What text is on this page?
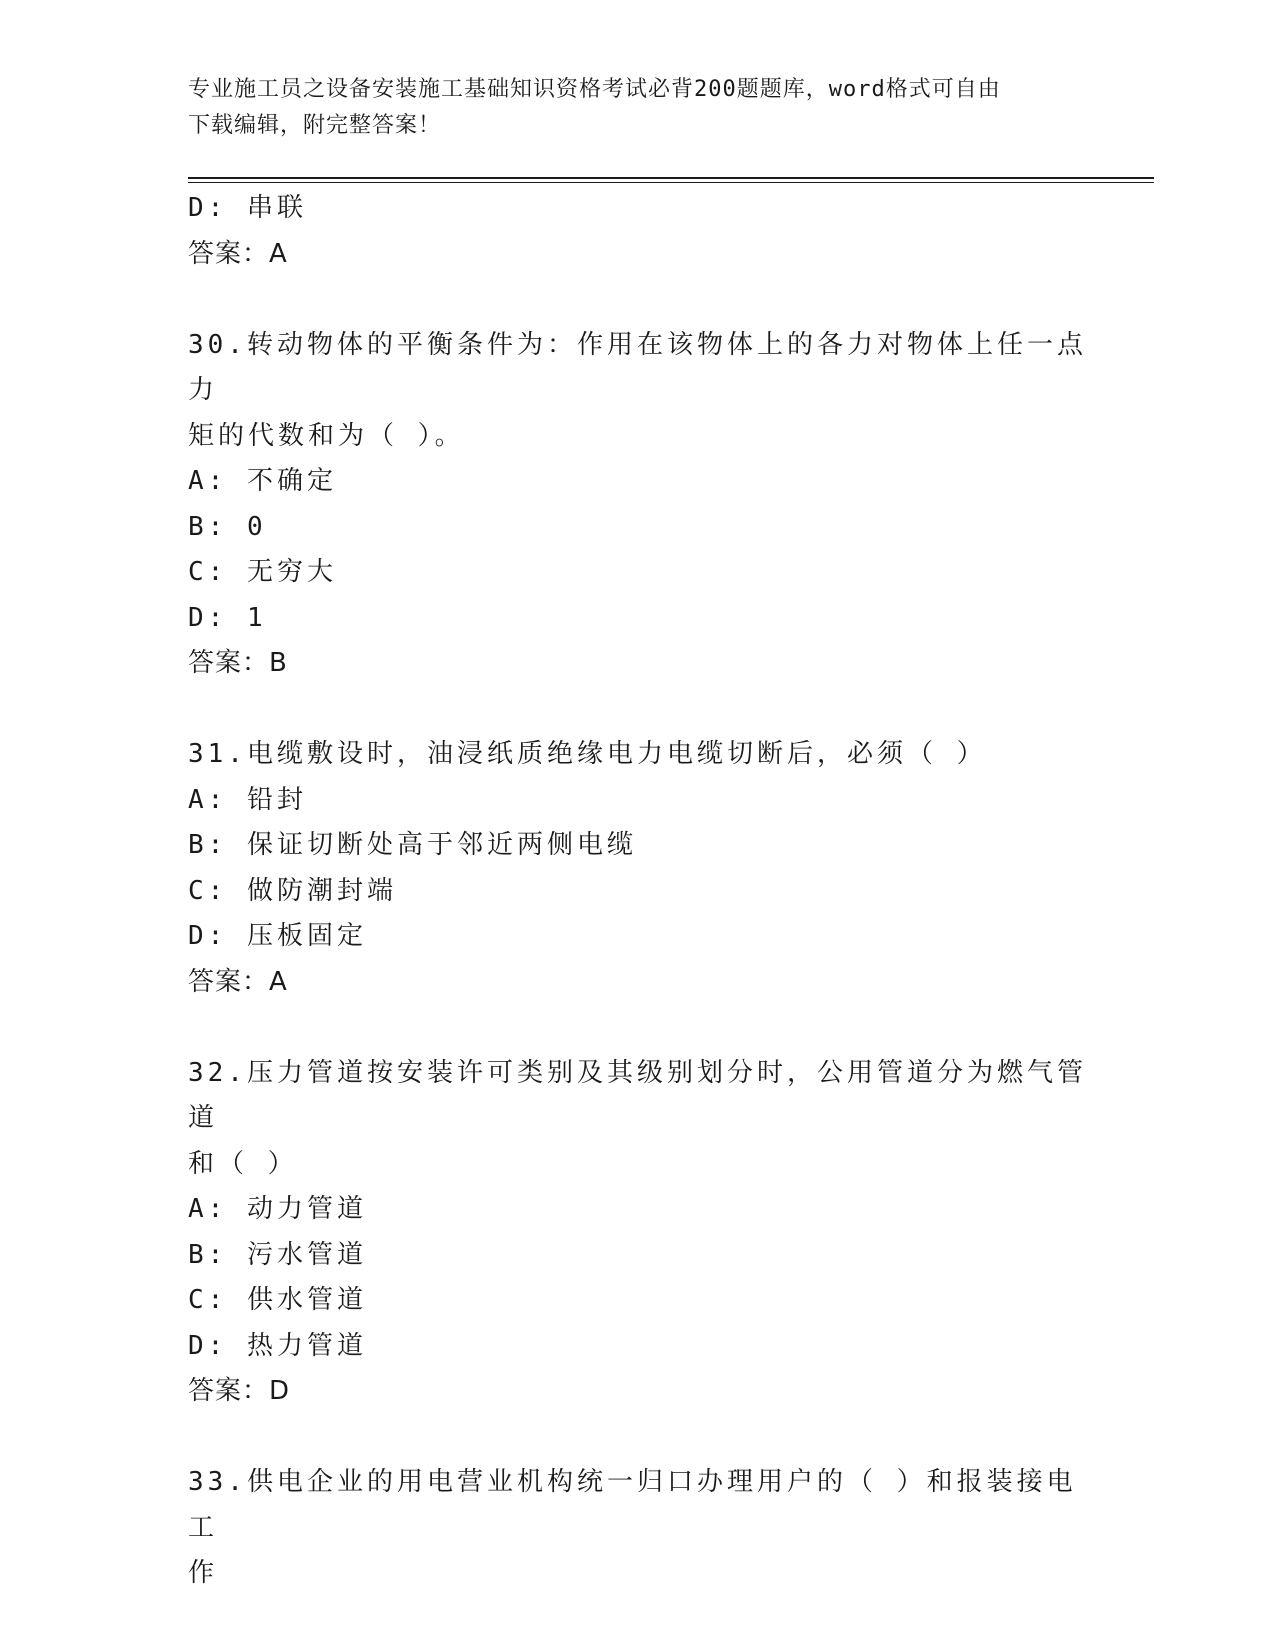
专业施工员之设备安装施工基础知识资格考试必背200题题库，word格式可自由
下载编辑，附完整答案！
D: 串联
答案：A
30.转动物体的平衡条件为：作用在该物体上的各力对物体上任一点力
矩的代数和为（ ）。
A: 不确定
B: 0
C: 无穷大
D: 1
答案：B
31.电缆敷设时，油浸纸质绝缘电力电缆切断后，必须（ ）
A: 铅封
B: 保证切断处高于邻近两侧电缆
C: 做防潮封端
D: 压板固定
答案：A
32.压力管道按安装许可类别及其级别划分时，公用管道分为燃气管道
和（ ）
A: 动力管道
B: 污水管道
C: 供水管道
D: 热力管道
答案：D
33.供电企业的用电营业机构统一归口办理用户的（ ）和报装接电工
作
